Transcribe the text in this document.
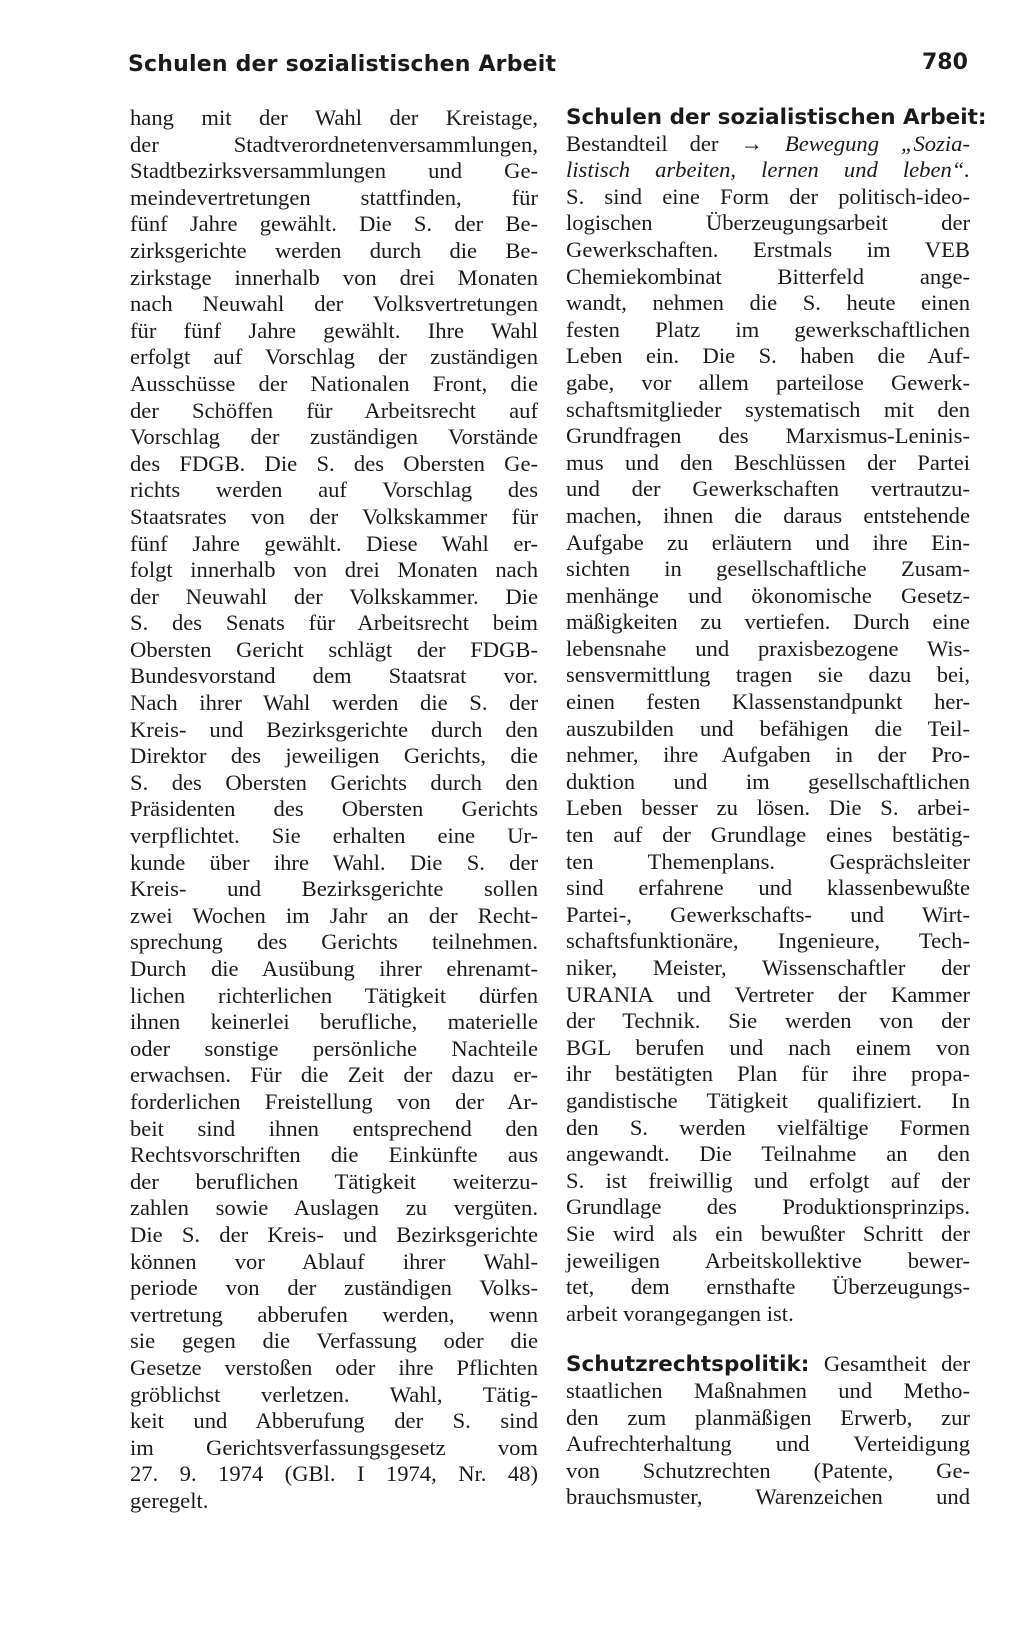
Schulen der sozialistischen Arbeit	780
hang mit der Wahl der Kreistage,
der Stadtverordnetenversammlungen,
Stadtbezirksversammlungen und Ge-
meindevertretungen stattfinden, für
fünf Jahre gewählt. Die S. der Be-
zirksgerichte werden durch die Be-
zirkstage innerhalb von drei Monaten
nach Neuwahl der Volksvertretungen
für fünf Jahre gewählt. Ihre Wahl
erfolgt auf Vorschlag der zuständigen
Ausschüsse der Nationalen Front, die
der Schöffen für Arbeitsrecht auf
Vorschlag der zuständigen Vorstände
des FDGB. Die S. des Obersten Ge-
richts werden auf Vorschlag des
Staatsrates von der Volkskammer für
fünf Jahre gewählt. Diese Wahl er-
folgt innerhalb von drei Monaten nach
der Neuwahl der Volkskammer. Die
S. des Senats für Arbeitsrecht beim
Obersten Gericht schlägt der FDGB-
Bundesvorstand dem Staatsrat vor.
Nach ihrer Wahl werden die S. der
Kreis- und Bezirksgerichte durch den
Direktor des jeweiligen Gerichts, die
S. des Obersten Gerichts durch den
Präsidenten des Obersten Gerichts
verpflichtet. Sie erhalten eine Ur-
kunde über ihre Wahl. Die S. der
Kreis- und Bezirksgerichte sollen
zwei Wochen im Jahr an der Recht-
sprechung des Gerichts teilnehmen.
Durch die Ausübung ihrer ehrenamt-
lichen richterlichen Tätigkeit dürfen
ihnen keinerlei berufliche, materielle
oder sonstige persönliche Nachteile
erwachsen. Für die Zeit der dazu er-
forderlichen Freistellung von der Ar-
beit sind ihnen entsprechend den
Rechtsvorschriften die Einkünfte aus
der beruflichen Tätigkeit weiterzu-
zahlen sowie Auslagen zu vergüten.
Die S. der Kreis- und Bezirksgerichte
können vor Ablauf ihrer Wahl-
periode von der zuständigen Volks-
vertretung abberufen werden, wenn
sie gegen die Verfassung oder die
Gesetze verstoßen oder ihre Pflichten
gröblichst verletzen. Wahl, Tätig-
keit und Abberufung der S. sind
im Gerichtsverfassungsgesetz vom
27. 9. 1974 (GBl. I 1974, Nr. 48)
geregelt.
Schulen der sozialistischen Arbeit:
Bestandteil der → Bewegung „Sozia-
listisch arbeiten, lernen und leben“.
S. sind eine Form der politisch-ideo-
logischen Überzeugungsarbeit der
Gewerkschaften. Erstmals im VEB
Chemiekombinat Bitterfeld ange-
wandt, nehmen die S. heute einen
festen Platz im gewerkschaftlichen
Leben ein. Die S. haben die Auf-
gabe, vor allem parteilose Gewerk-
schaftsmitglieder systematisch mit den
Grundfragen des Marxismus-Leninis-
mus und den Beschlüssen der Partei
und der Gewerkschaften vertrautzu-
machen, ihnen die daraus entstehende
Aufgabe zu erläutern und ihre Ein-
sichten in gesellschaftliche Zusam-
menhänge und ökonomische Gesetz-
mäßigkeiten zu vertiefen. Durch eine
lebensnahe und praxisbezogene Wis-
sensvermittlung tragen sie dazu bei,
einen festen Klassenstandpunkt her-
auszubilden und befähigen die Teil-
nehmer, ihre Aufgaben in der Pro-
duktion und im gesellschaftlichen
Leben besser zu lösen. Die S. arbei-
ten auf der Grundlage eines bestätig-
ten Themenplans. Gesprächsleiter
sind erfahrene und klassenbewußte
Partei-, Gewerkschafts- und Wirt-
schaftsfunktionäre, Ingenieure, Tech-
niker, Meister, Wissenschaftler der
URANIA und Vertreter der Kammer
der Technik. Sie werden von der
BGL berufen und nach einem von
ihr bestätigten Plan für ihre propa-
gandistische Tätigkeit qualifiziert. In
den S. werden vielfältige Formen
angewandt. Die Teilnahme an den
S. ist freiwillig und erfolgt auf der
Grundlage des Produktionsprinzips.
Sie wird als ein bewußter Schritt der
jeweiligen Arbeitskollektive bewer-
tet, dem ernsthafte Überzeugungs-
arbeit vorangegangen ist.
Schutzrechtspolitik: Gesamtheit der
staatlichen Maßnahmen und Metho-
den zum planmäßigen Erwerb, zur
Aufrechterhaltung und Verteidigung
von Schutzrechten (Patente, Ge-
brauchsmuster, Warenzeichen und
